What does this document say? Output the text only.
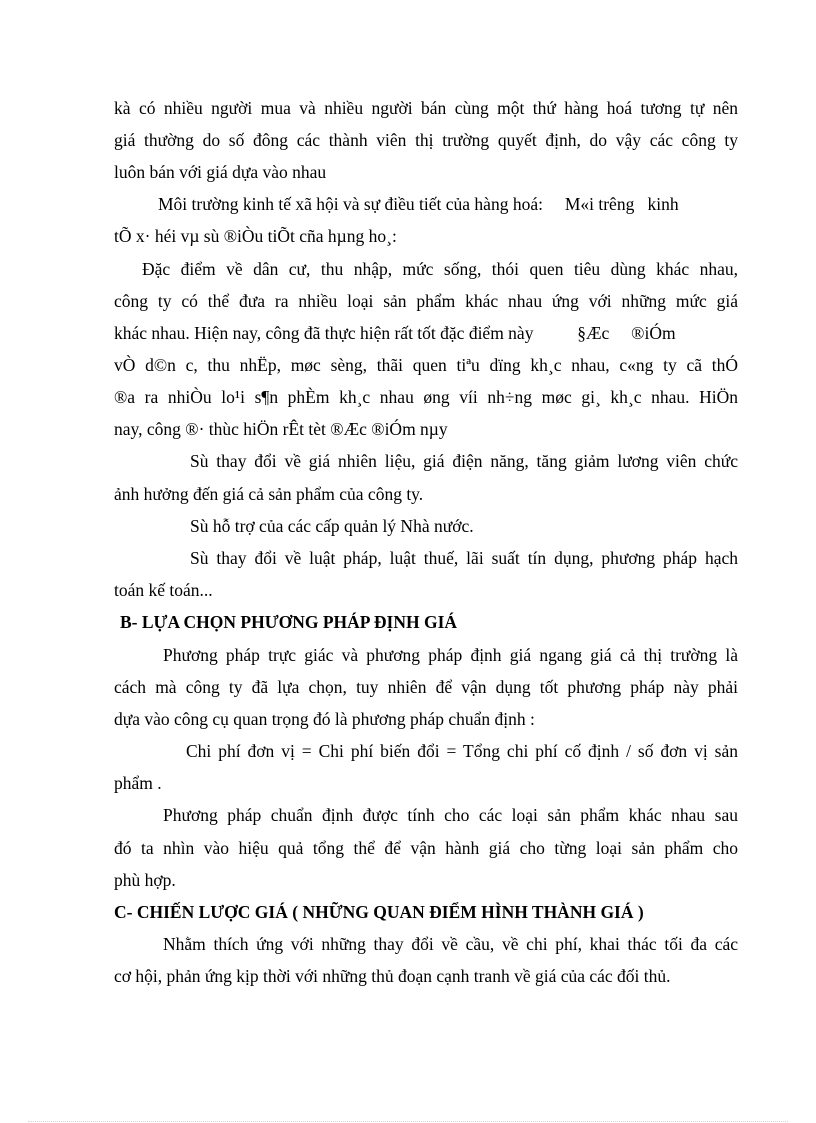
kà có nhiều người mua và nhiều người bán cùng một thứ hàng hoá tương tự nên
giá thường do số đông các thành viên thị trường quyết định, do vậy các công ty
luôn bán với giá dựa vào nhau
Môi trường kinh tế xã hội và sự điều tiết của hàng hoá:     M«i trêng   kinh
tÕ x· héi vµ sù ®iÒu tiÕt cña hµng ho¸:
Đặc điểm về dân cư, thu nhập, mức sống, thói quen tiêu dùng khác nhau,
công ty có thể đưa ra nhiều loại sản phẩm khác nhau ứng với những mức giá
khác nhau. Hiện nay, công đã thực hiện rất tốt đặc điểm này          §Æc     ®iÓm
vÒ d©n c, thu nhËp, møc sèng, thãi quen tiªu dïng kh¸c nhau, c«ng ty cã thÓ
®a ra nhiÒu lo¹i s¶n phÈm kh¸c nhau øng víi nh÷ng møc gi¸ kh¸c nhau. HiÖn
nay, công ®· thùc hiÖn rÊt tèt ®Æc ®iÓm nµy
Sù thay đổi về giá nhiên liệu, giá điện năng, tăng giảm lương viên chức
ảnh hưởng đến giá cả sản phẩm của công ty.
Sù hỗ trợ của các cấp quản lý Nhà nước.
Sù thay đổi về luật pháp, luật thuế, lãi suất tín dụng, phương pháp hạch
toán kế toán...
B- LỰA CHỌN PHƯƠNG PHÁP ĐỊNH GIÁ
Phương pháp trực giác và phương pháp định giá ngang giá cả thị trường là
cách mà công ty đã lựa chọn, tuy nhiên để vận dụng tốt phương pháp này phải
dựa vào công cụ quan trọng đó là phương pháp chuẩn định :
Chi phí đơn vị = Chi phí biến đổi = Tổng chi phí cố định / số đơn vị sản
phẩm .
Phương pháp chuẩn định được tính cho các loại sản phẩm khác nhau sau
đó ta nhìn vào hiệu quả tổng thể để vận hành giá cho từng loại sản phẩm cho
phù hợp.
C- CHIẾN LƯỢC GIÁ ( NHỮNG QUAN ĐIỂM HÌNH THÀNH GIÁ )
Nhằm thích ứng với những thay đổi về cầu, về chi phí, khai thác tối đa các
cơ hội, phản ứng kịp thời với những thủ đoạn cạnh tranh về giá của các đối thủ.
